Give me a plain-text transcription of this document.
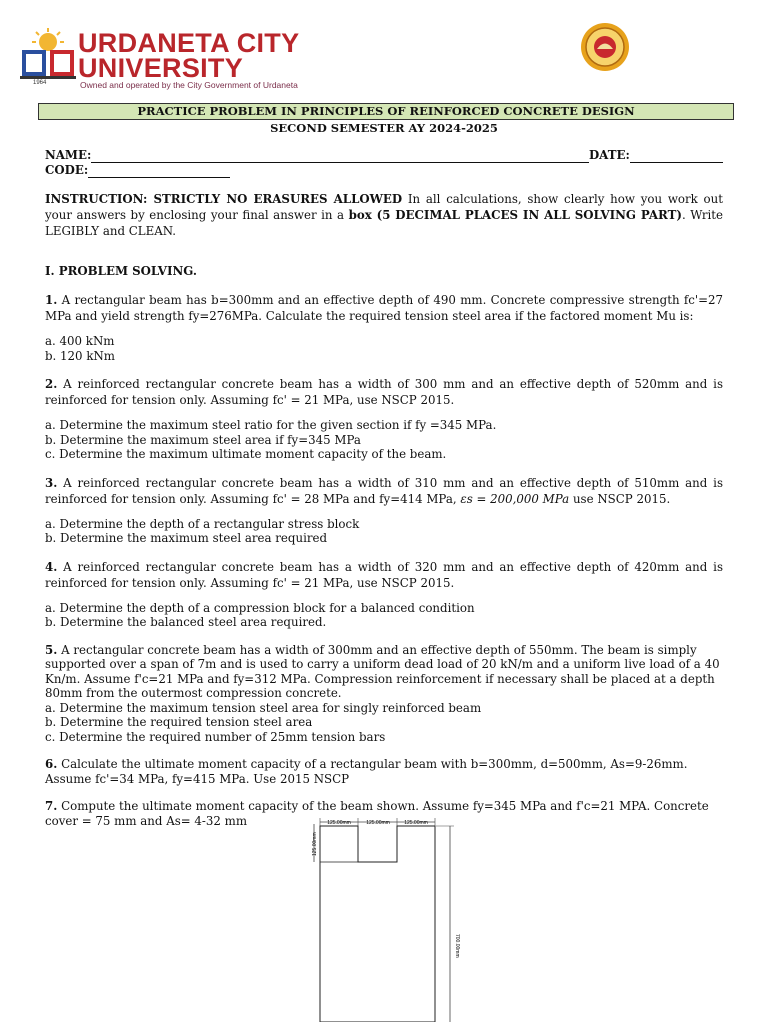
1964
URDANETA CITY
UNIVERSITY
Owned and operated by the City Government of Urdaneta
PRACTICE PROBLEM IN PRINCIPLES OF REINFORCED CONCRETE DESIGN
SECOND SEMESTER AY 2024-2025
NAME:	DATE:
CODE:

INSTRUCTION: STRICTLY NO ERASURES ALLOWED In all calculations, show clearly how you work out your answers by enclosing your final answer in a box (5 DECIMAL PLACES IN ALL SOLVING PART). Write LEGIBLY and CLEAN.

I. PROBLEM SOLVING.

1. A rectangular beam has b=300mm and an effective depth of 490 mm. Concrete compressive strength fc'=27 MPa and yield strength fy=276MPa. Calculate the required tension steel area if the factored moment Mu is:

a. 400 kNm
b. 120 kNm

2. A reinforced rectangular concrete beam has a width of 300 mm and an effective depth of 520mm and is reinforced for tension only. Assuming fc' = 21 MPa, use NSCP 2015.

a. Determine the maximum steel ratio for the given section if fy =345 MPa.
b. Determine the maximum steel area if fy=345 MPa
c. Determine the maximum ultimate moment capacity of the beam.

3. A reinforced rectangular concrete beam has a width of 310 mm and an effective depth of 510mm and is reinforced for tension only. Assuming fc' = 28 MPa and fy=414 MPa, εs = 200,000 MPa use NSCP 2015.

a. Determine the depth of a rectangular stress block
b. Determine the maximum steel area required

4. A reinforced rectangular concrete beam has a width of 320 mm and an effective depth of 420mm and is reinforced for tension only. Assuming fc' = 21 MPa, use NSCP 2015.

a. Determine the depth of a compression block for a balanced condition
b. Determine the balanced steel area required.

5. A rectangular concrete beam has a width of 300mm and an effective depth of 550mm. The beam is simply supported over a span of 7m and is used to carry a uniform dead load of 20 kN/m and a uniform live load of a 40 Kn/m. Assume f'c=21 MPa and fy=312 MPa. Compression reinforcement if necessary shall be placed at a depth 80mm from the outermost compression concrete.

a. Determine the maximum tension steel area for singly reinforced beam
b. Determine the required tension steel area
c. Determine the required number of 25mm tension bars

6. Calculate the ultimate moment capacity of a rectangular beam with b=300mm, d=500mm, As=9-26mm. Assume fc'=34 MPa, fy=415 MPa. Use 2015 NSCP

7. Compute the ultimate moment capacity of the beam shown. Assume fy=345 MPa and f'c=21 MPA. Concrete cover = 75 mm and As= 4-32 mm	125.00mm	125.00mm	125.00mm
125.00mm
700.00mm
